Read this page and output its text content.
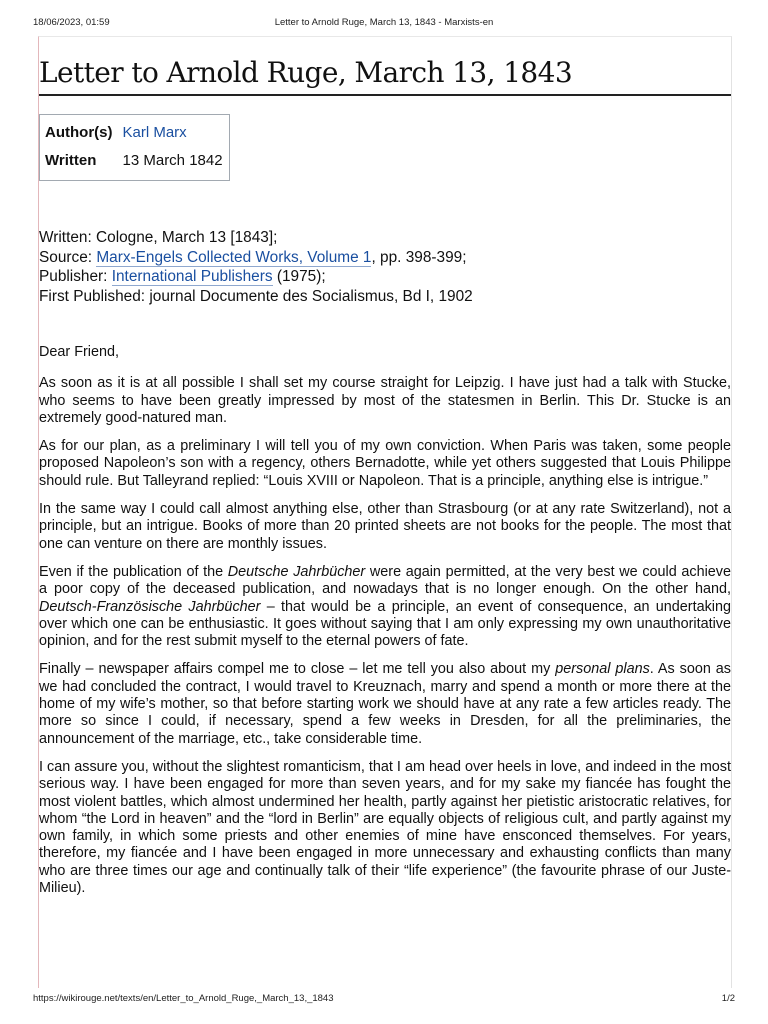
18/06/2023, 01:59	Letter to Arnold Ruge, March 13, 1843 - Marxists-en
Letter to Arnold Ruge, March 13, 1843
Author(s)	Karl Marx
Written	13 March 1842
Written: Cologne, March 13 [1843];
Source: Marx-Engels Collected Works, Volume 1, pp. 398-399;
Publisher: International Publishers (1975);
First Published: journal Documente des Socialismus, Bd I, 1902

Dear Friend,

As soon as it is at all possible I shall set my course straight for Leipzig. I have just had a talk with Stucke, who seems to have been greatly impressed by most of the statesmen in Berlin. This Dr. Stucke is an extremely good-natured man.

As for our plan, as a preliminary I will tell you of my own conviction. When Paris was taken, some people proposed Napoleon’s son with a regency, others Bernadotte, while yet others suggested that Louis Philippe should rule. But Talleyrand replied: “Louis XVIII or Napoleon. That is a principle, anything else is intrigue.”

In the same way I could call almost anything else, other than Strasbourg (or at any rate Switzerland), not a principle, but an intrigue. Books of more than 20 printed sheets are not books for the people. The most that one can venture on there are monthly issues.

Even if the publication of the Deutsche Jahrbücher were again permitted, at the very best we could achieve a poor copy of the deceased publication, and nowadays that is no longer enough. On the other hand, Deutsch-Französische Jahrbücher – that would be a principle, an event of consequence, an undertaking over which one can be enthusiastic. It goes without saying that I am only expressing my own unauthoritative opinion, and for the rest submit myself to the eternal powers of fate.

Finally – newspaper affairs compel me to close – let me tell you also about my personal plans. As soon as we had concluded the contract, I would travel to Kreuznach, marry and spend a month or more there at the home of my wife’s mother, so that before starting work we should have at any rate a few articles ready. The more so since I could, if necessary, spend a few weeks in Dresden, for all the preliminaries, the announcement of the marriage, etc., take considerable time.

I can assure you, without the slightest romanticism, that I am head over heels in love, and indeed in the most serious way. I have been engaged for more than seven years, and for my sake my fiancée has fought the most violent battles, which almost undermined her health, partly against her pietistic aristocratic relatives, for whom “the Lord in heaven” and the “lord in Berlin” are equally objects of religious cult, and partly against my own family, in which some priests and other enemies of mine have ensconced themselves. For years, therefore, my fiancée and I have been engaged in more unnecessary and exhausting conflicts than many who are three times our age and continually talk of their “life experience” (the favourite phrase of our Juste-Milieu).

https://wikirouge.net/texts/en/Letter_to_Arnold_Ruge,_March_13,_1843	1/2
